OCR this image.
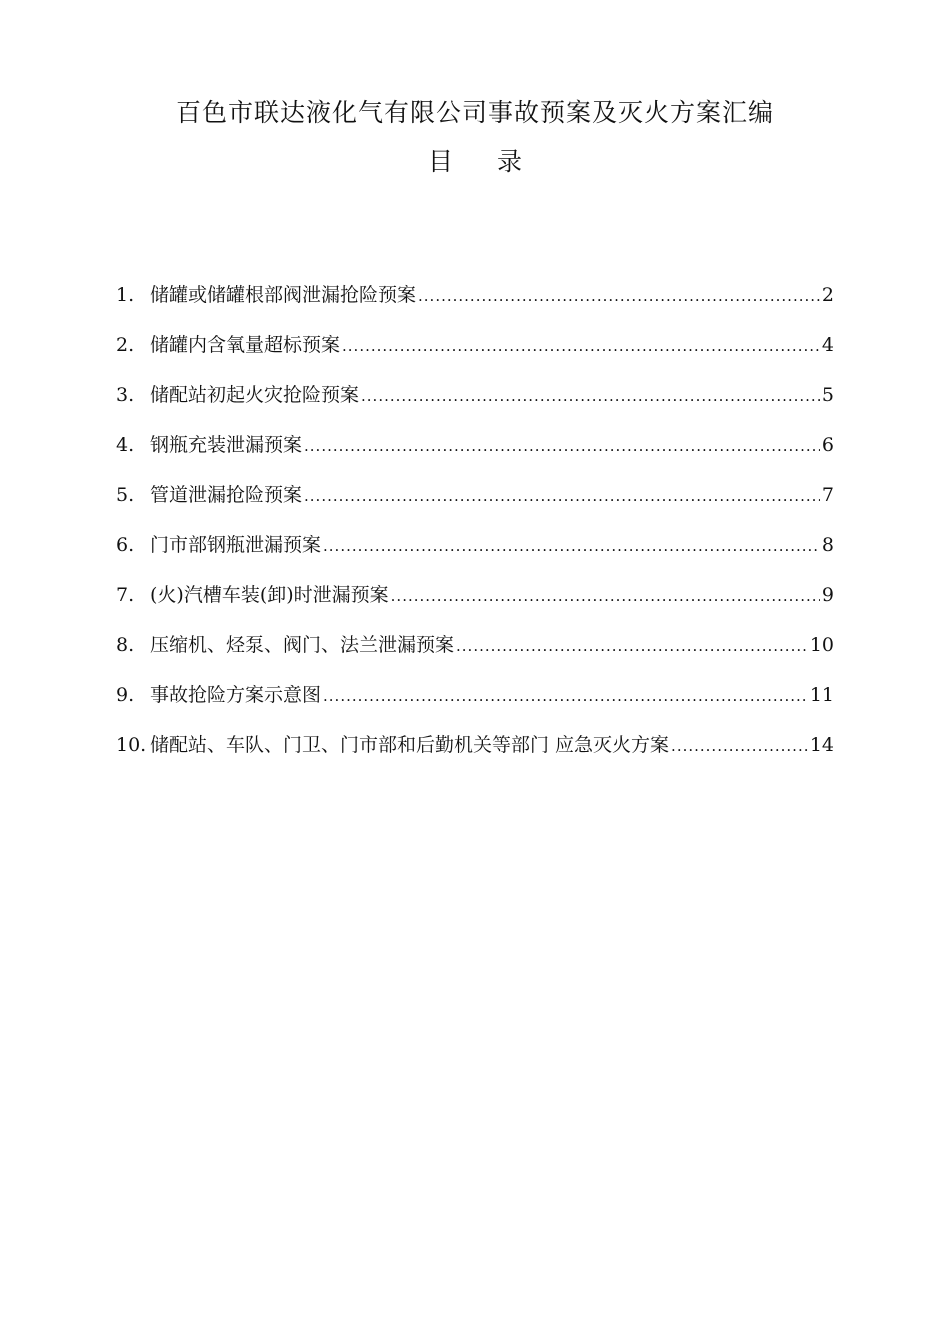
百色市联达液化气有限公司事故预案及灭火方案汇编
目 录
1. 储罐或储罐根部阀泄漏抢险预案 .....	2
2. 储罐内含氧量超标预案 .....	4
3. 储配站初起火灾抢险预案 .....	5
4. 钢瓶充装泄漏预案 .....	6
5. 管道泄漏抢险预案 .....	7
6. 门市部钢瓶泄漏预案 .....	8
7. (火)汽槽车装(卸)时泄漏预案 .....	9
8. 压缩机、烃泵、阀门、法兰泄漏预案 .....	10
9. 事故抢险方案示意图 .....	11
10. 储配站、车队、门卫、门市部和后勤机关等部门 应急灭火方案 .....	14
